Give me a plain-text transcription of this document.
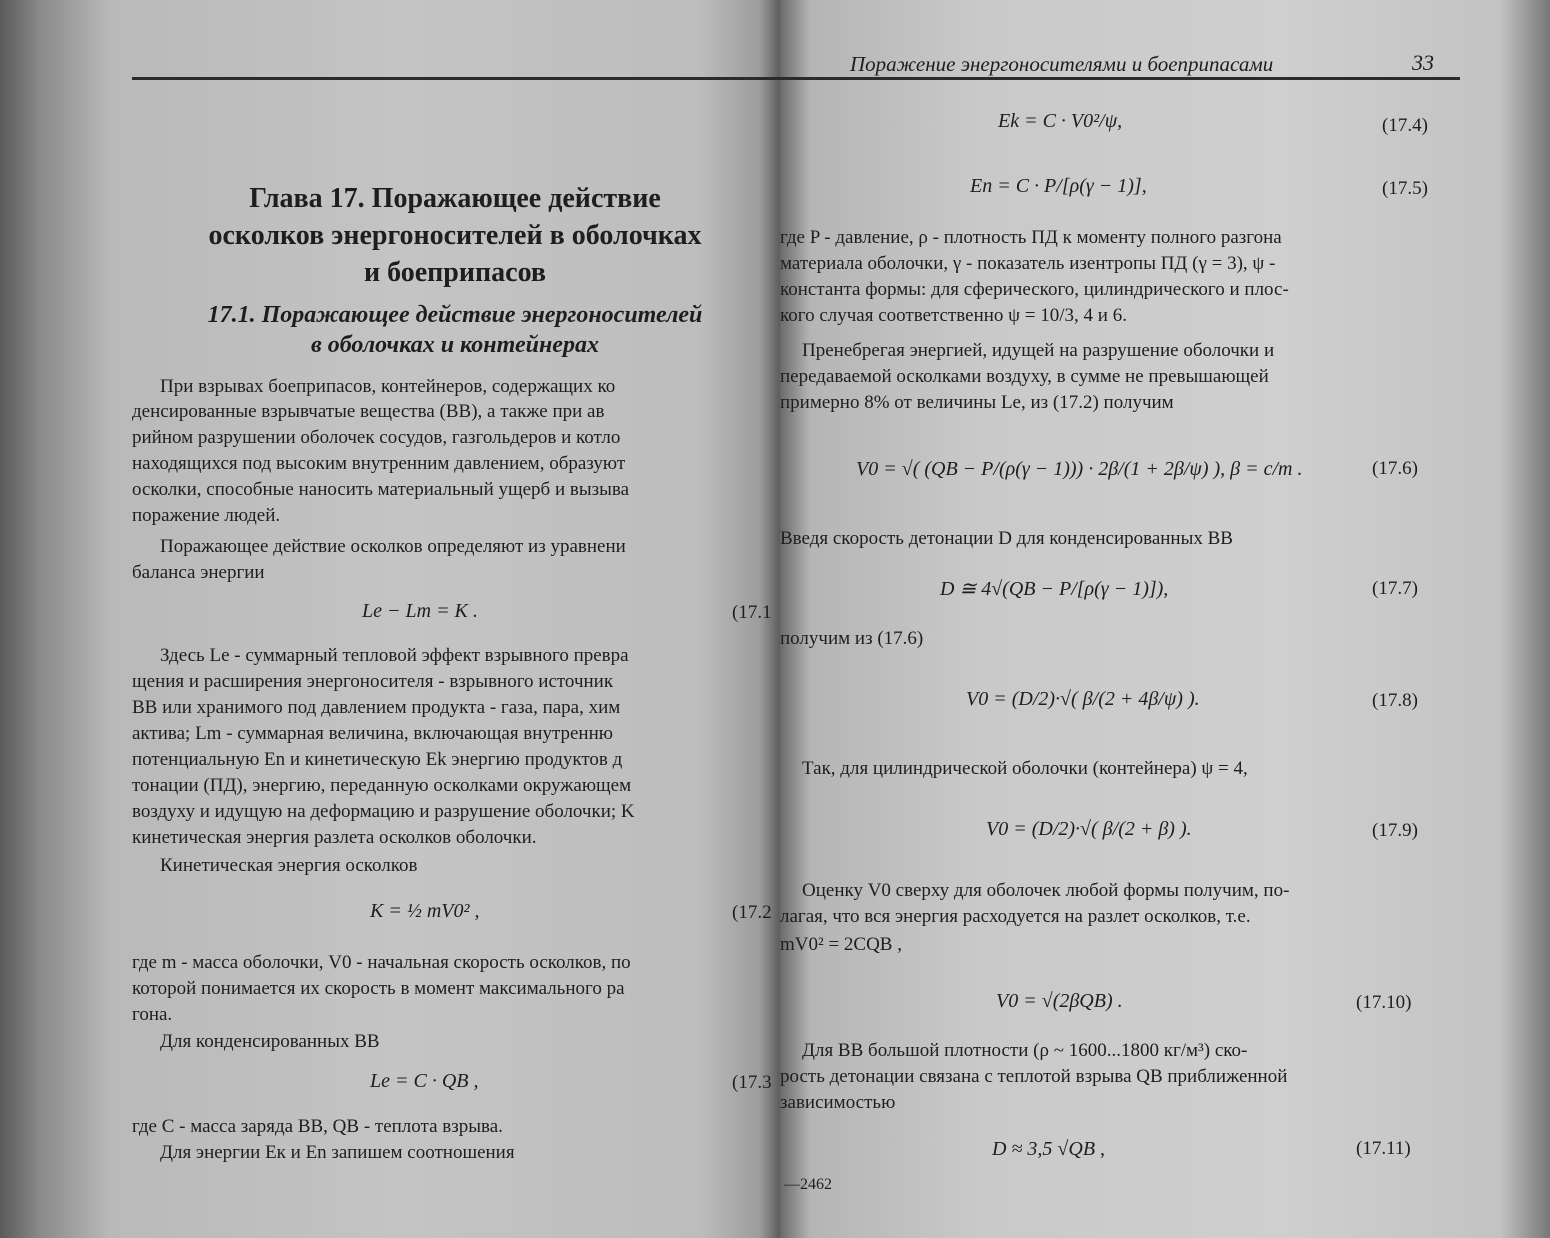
Глава 17. Поражающее действие
осколков энергоносителей в оболочках
и боеприпасов
17.1. Поражающее действие энергоносителей
в оболочках и контейнерах
При взрывах боеприпасов, контейнеров, содержащих ко
денсированные взрывчатые вещества (ВВ), а также при ав
рийном разрушении оболочек сосудов, газгольдеров и котло
находящихся под высоким внутренним давлением, образуют
осколки, способные наносить материальный ущерб и вызыва
поражение людей.
Поражающее действие осколков определяют из уравнени
баланса энергии
Le − Lm = K .	(17.1
Здесь Le - суммарный тепловой эффект взрывного превра
щения и расширения энергоносителя - взрывного источник
ВВ или хранимого под давлением продукта - газа, пара, хим
актива; Lm - суммарная величина, включающая внутренню
потенциальную En и кинетическую Ek энергию продуктов д
тонации (ПД), энергию, переданную осколками окружающем
воздуху и идущую на деформацию и разрушение оболочки; K
кинетическая энергия разлета осколков оболочки.
Кинетическая энергия осколков
K = ½ mV0² ,	(17.2
где m - масса оболочки, V0 - начальная скорость осколков, по
которой понимается их скорость в момент максимального ра
гона.
Для конденсированных ВВ
Le = C · QB ,	(17.3
где C - масса заряда ВВ, QB - теплота взрыва.
Для энергии Eк и En запишем соотношения
Поражение энергоносителями и боеприпасами	33
Ek = C · V0²/ψ,	(17.4)
En = C · P/[ρ(γ − 1)],	(17.5)
где P - давление, ρ - плотность ПД к моменту полного разгона
материала оболочки, γ - показатель изентропы ПД (γ = 3), ψ -
константа формы: для сферического, цилиндрического и плос-
кого случая соответственно ψ = 10/3, 4 и 6.
Пренебрегая энергией, идущей на разрушение оболочки и
передаваемой осколками воздуху, в сумме не превышающей
примерно 8% от величины Le, из (17.2) получим
V0 = √( (QB − P/(ρ(γ − 1))) · 2β/(1 + 2β/ψ) ), β = c/m .	(17.6)
Введя скорость детонации D для конденсированных ВВ
D ≅ 4√(QB − P/[ρ(γ − 1)]),	(17.7)
получим из (17.6)
V0 = (D/2)·√( β/(2 + 4β/ψ) ).	(17.8)
Так, для цилиндрической оболочки (контейнера) ψ = 4,
V0 = (D/2)·√( β/(2 + β) ).	(17.9)
Оценку V0 сверху для оболочек любой формы получим, по-
лагая, что вся энергия расходуется на разлет осколков, т.е.
mV0² = 2CQB ,
V0 = √(2βQB) .	(17.10)
Для ВВ большой плотности (ρ ~ 1600...1800 кг/м³) ско-
рость детонации связана с теплотой взрыва QB приближенной
зависимостью
D ≈ 3,5 √QB ,	(17.11)
—2462
